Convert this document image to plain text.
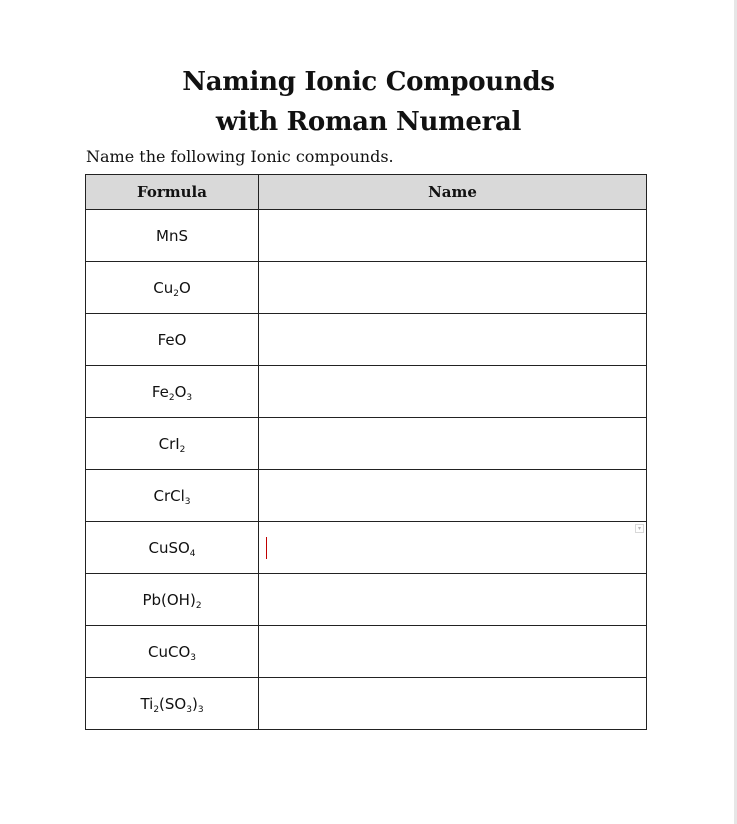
Naming Ionic Compounds
with Roman Numeral
Name the following Ionic compounds.
Formula	Name
MnS	
$Cu_2O$	
FeO	
$Fe_2O_3$	
CrI$_2$	
CrCl$_3$	
CuSO$_4$	▾

$Pb(OH)_2$	
CuCO$_3$	
$Ti_2(SO_3)_3$	
